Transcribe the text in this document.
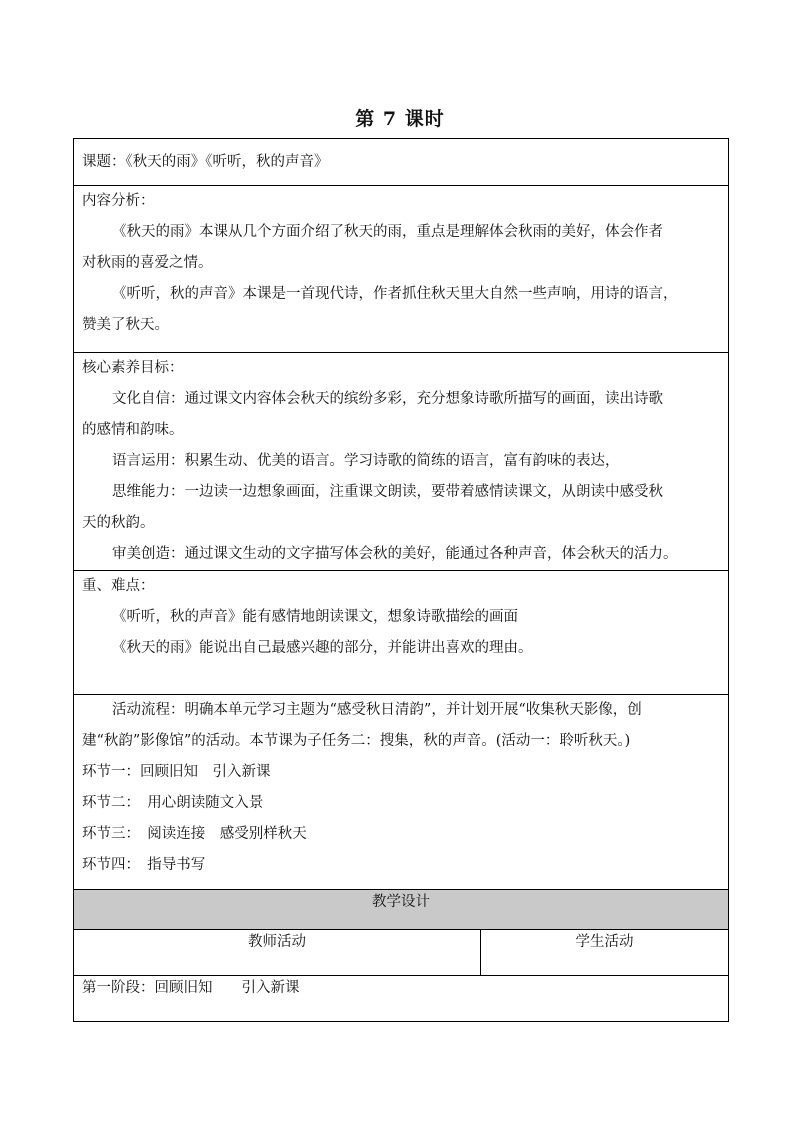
第 7 课时
课题：《秋天的雨》《听听，秋的声音》

内容分析：
《秋天的雨》本课从几个方面介绍了秋天的雨，重点是理解体会秋雨的美好，体会作者
对秋雨的喜爱之情。
《听听，秋的声音》本课是一首现代诗，作者抓住秋天里大自然一些声响，用诗的语言，
赞美了秋天。

核心素养目标：
文化自信：通过课文内容体会秋天的缤纷多彩，充分想象诗歌所描写的画面，读出诗歌
的感情和韵味。
语言运用：积累生动、优美的语言。学习诗歌的简练的语言，富有韵味的表达，
思维能力：一边读一边想象画面，注重课文朗读，要带着感情读课文，从朗读中感受秋
天的秋韵。
审美创造：通过课文生动的文字描写体会秋的美好，能通过各种声音，体会秋天的活力。

重、难点：
《听听，秋的声音》能有感情地朗读课文，想象诗歌描绘的画面
《秋天的雨》能说出自己最感兴趣的部分，并能讲出喜欢的理由。

活动流程：明确本单元学习主题为“感受秋日清韵”，并计划开展“收集秋天影像，创
建“秋韵”影像馆”的活动。本节课为子任务二：搜集，秋的声音。(活动一：聆听秋天。)
环节一：回顾旧知　引入新课
环节二：　用心朗读随文入景
环节三：　阅读连接　感受别样秋天
环节四：　指导书写

教学设计
教师活动	学生活动
第一阶段：回顾旧知　　引入新课
